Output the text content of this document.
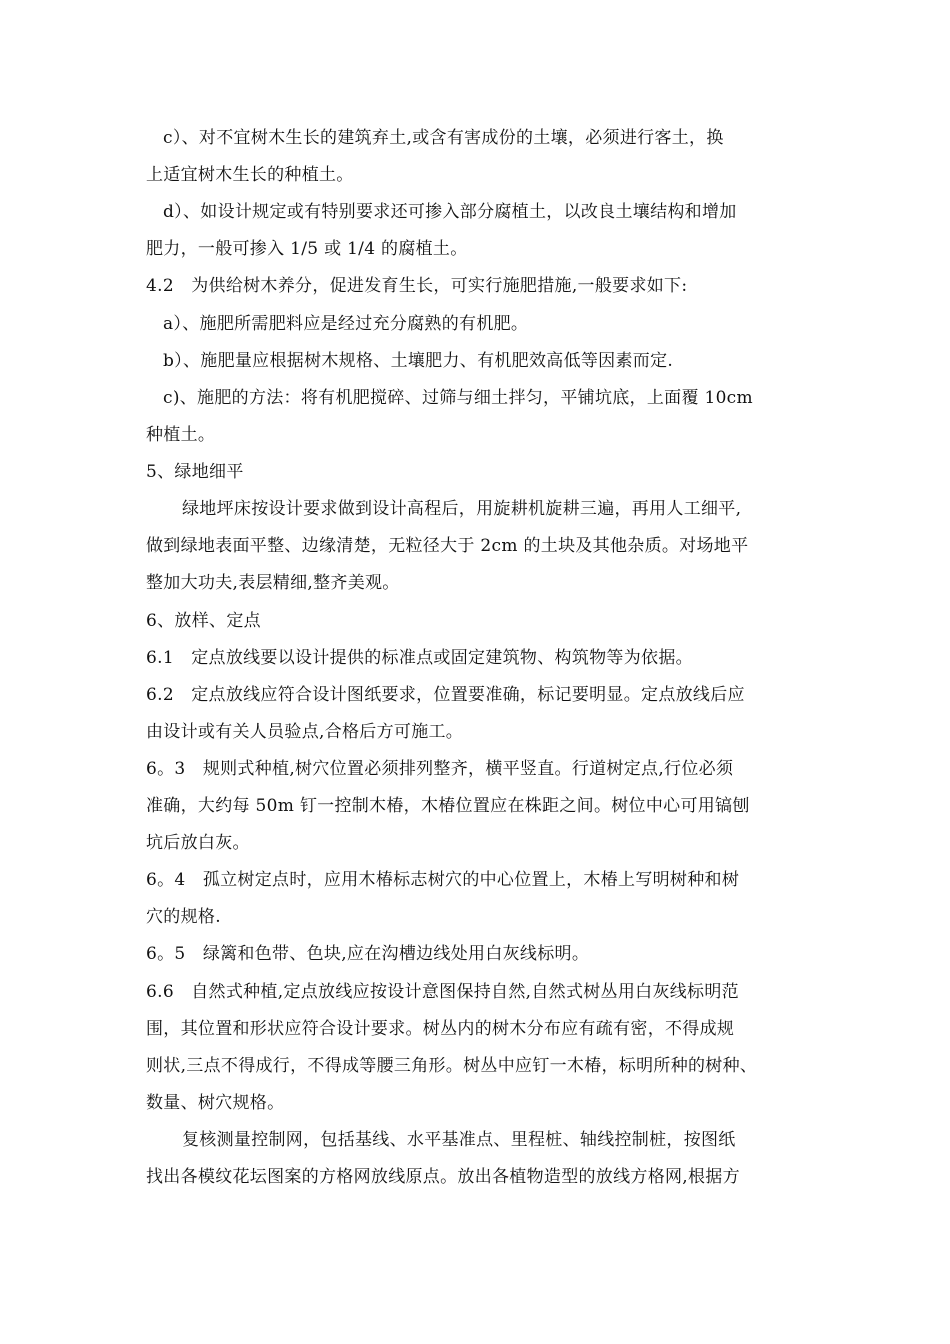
c）、对不宜树木生长的建筑弃土,或含有害成份的土壤，必须进行客土，换
上适宜树木生长的种植土。
d）、如设计规定或有特别要求还可掺入部分腐植土，以改良土壤结构和增加
肥力，一般可掺入 1/5 或 1/4 的腐植土。
4.2　为供给树木养分，促进发育生长，可实行施肥措施,一般要求如下:
a）、施肥所需肥料应是经过充分腐熟的有机肥。
b）、施肥量应根据树木规格、土壤肥力、有机肥效高低等因素而定.
c)、施肥的方法：将有机肥搅碎、过筛与细土拌匀，平铺坑底，上面覆 10cm
种植土。
5、绿地细平
绿地坪床按设计要求做到设计高程后，用旋耕机旋耕三遍，再用人工细平,
做到绿地表面平整、边缘清楚，无粒径大于 2cm 的土块及其他杂质。对场地平
整加大功夫,表层精细,整齐美观。
6、放样、定点
6.1　定点放线要以设计提供的标准点或固定建筑物、构筑物等为依据。
6.2　定点放线应符合设计图纸要求，位置要准确，标记要明显。定点放线后应
由设计或有关人员验点,合格后方可施工。
6。3　规则式种植,树穴位置必须排列整齐，横平竖直。行道树定点,行位必须
准确，大约每 50m 钉一控制木椿，木椿位置应在株距之间。树位中心可用镐刨
坑后放白灰。
6。4　孤立树定点时，应用木椿标志树穴的中心位置上，木椿上写明树种和树
穴的规格.
6。5　绿篱和色带、色块,应在沟槽边线处用白灰线标明。
6.6　自然式种植,定点放线应按设计意图保持自然,自然式树丛用白灰线标明范
围，其位置和形状应符合设计要求。树丛内的树木分布应有疏有密，不得成规
则状,三点不得成行，不得成等腰三角形。树丛中应钉一木椿，标明所种的树种、
数量、树穴规格。
复核测量控制网，包括基线、水平基准点、里程桩、轴线控制桩，按图纸
找出各模纹花坛图案的方格网放线原点。放出各植物造型的放线方格网,根据方
